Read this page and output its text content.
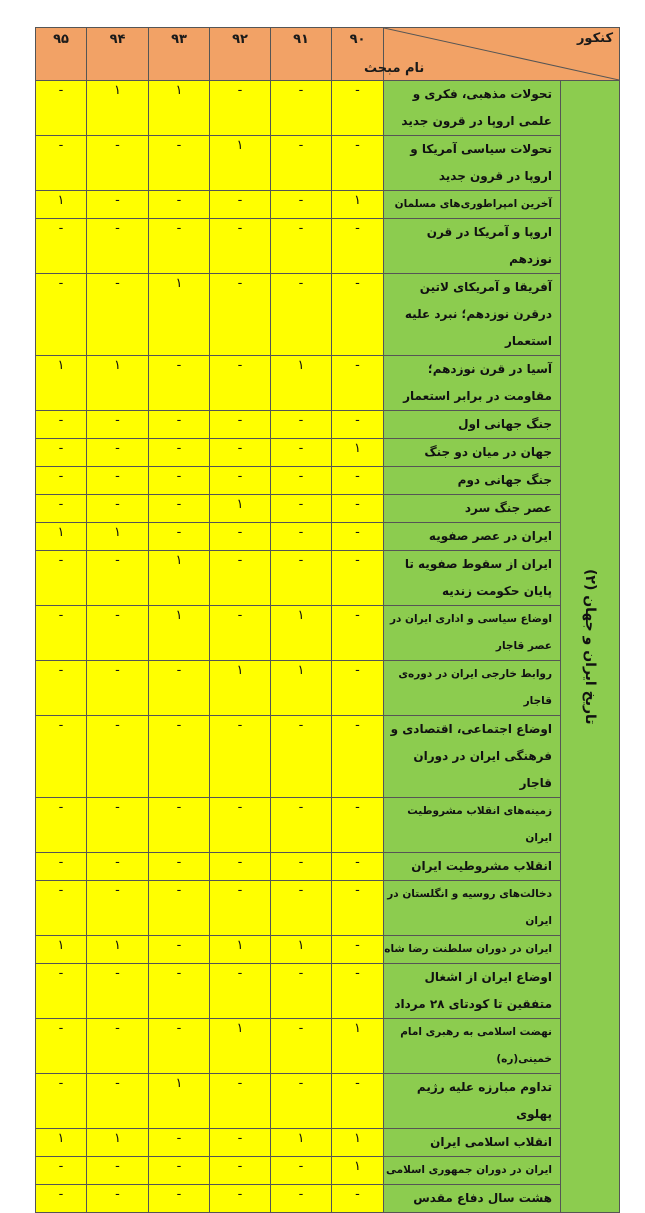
۹۵	۹۴	۹۳	۹۲	۹۱	۹۰	کنکور
نام مبحث	

-	۱	۱	-	-	-	تحولات مذهبی، فکری و علمی اروپا در قرون جدید	تاریخ ایران و جهان (۲)

-	-	-	۱	-	-	تحولات سیاسی آمریکا و اروپا در قرون جدید	
۱	-	-	-	-	۱	آخرین امپراطوری‌های مسلمان	
-	-	-	-	-	-	اروپا و آمریکا در قرن نوزدهم	
-	-	۱	-	-	-	آفریقا و آمریکای لاتین درقرن نوزدهم؛ نبرد علیه استعمار	
۱	۱	-	-	۱	-	آسیا در قرن نوزدهم؛ مقاومت در برابر استعمار	
-	-	-	-	-	-	جنگ جهانی اول	
-	-	-	-	-	۱	جهان در میان دو جنگ	
-	-	-	-	-	-	جنگ جهانی دوم	
-	-	-	۱	-	-	عصر جنگ سرد	
۱	۱	-	-	-	-	ایران در عصر صفویه	
-	-	۱	-	-	-	ایران از سقوط صفویه تا پایان حکومت زندیه	
-	-	۱	-	۱	-	اوضاع سیاسی و اداری ایران در عصر قاجار	
-	-	-	۱	۱	-	روابط خارجی ایران در دوره‌ی قاجار	
-	-	-	-	-	-	اوضاع اجتماعی، اقتصادی و فرهنگی ایران در دوران قاجار	
-	-	-	-	-	-	زمینه‌های انقلاب مشروطیت ایران	
-	-	-	-	-	-	انقلاب مشروطیت ایران	
-	-	-	-	-	-	دخالت‌های روسیه و انگلستان در ایران	
۱	۱	-	۱	۱	-	ایران در دوران سلطنت رضا شاه	
-	-	-	-	-	-	اوضاع ایران از اشغال متفقین تا کودتای ۲۸ مرداد	
-	-	-	۱	-	۱	نهضت اسلامی به رهبری امام خمینی(ره)	
-	-	۱	-	-	-	تداوم مبارزه علیه رژیم پهلوی	
۱	۱	-	-	۱	۱	انقلاب اسلامی ایران	
-	-	-	-	-	۱	ایران در دوران جمهوری اسلامی	
-	-	-	-	-	-	هشت سال دفاع مقدس	
